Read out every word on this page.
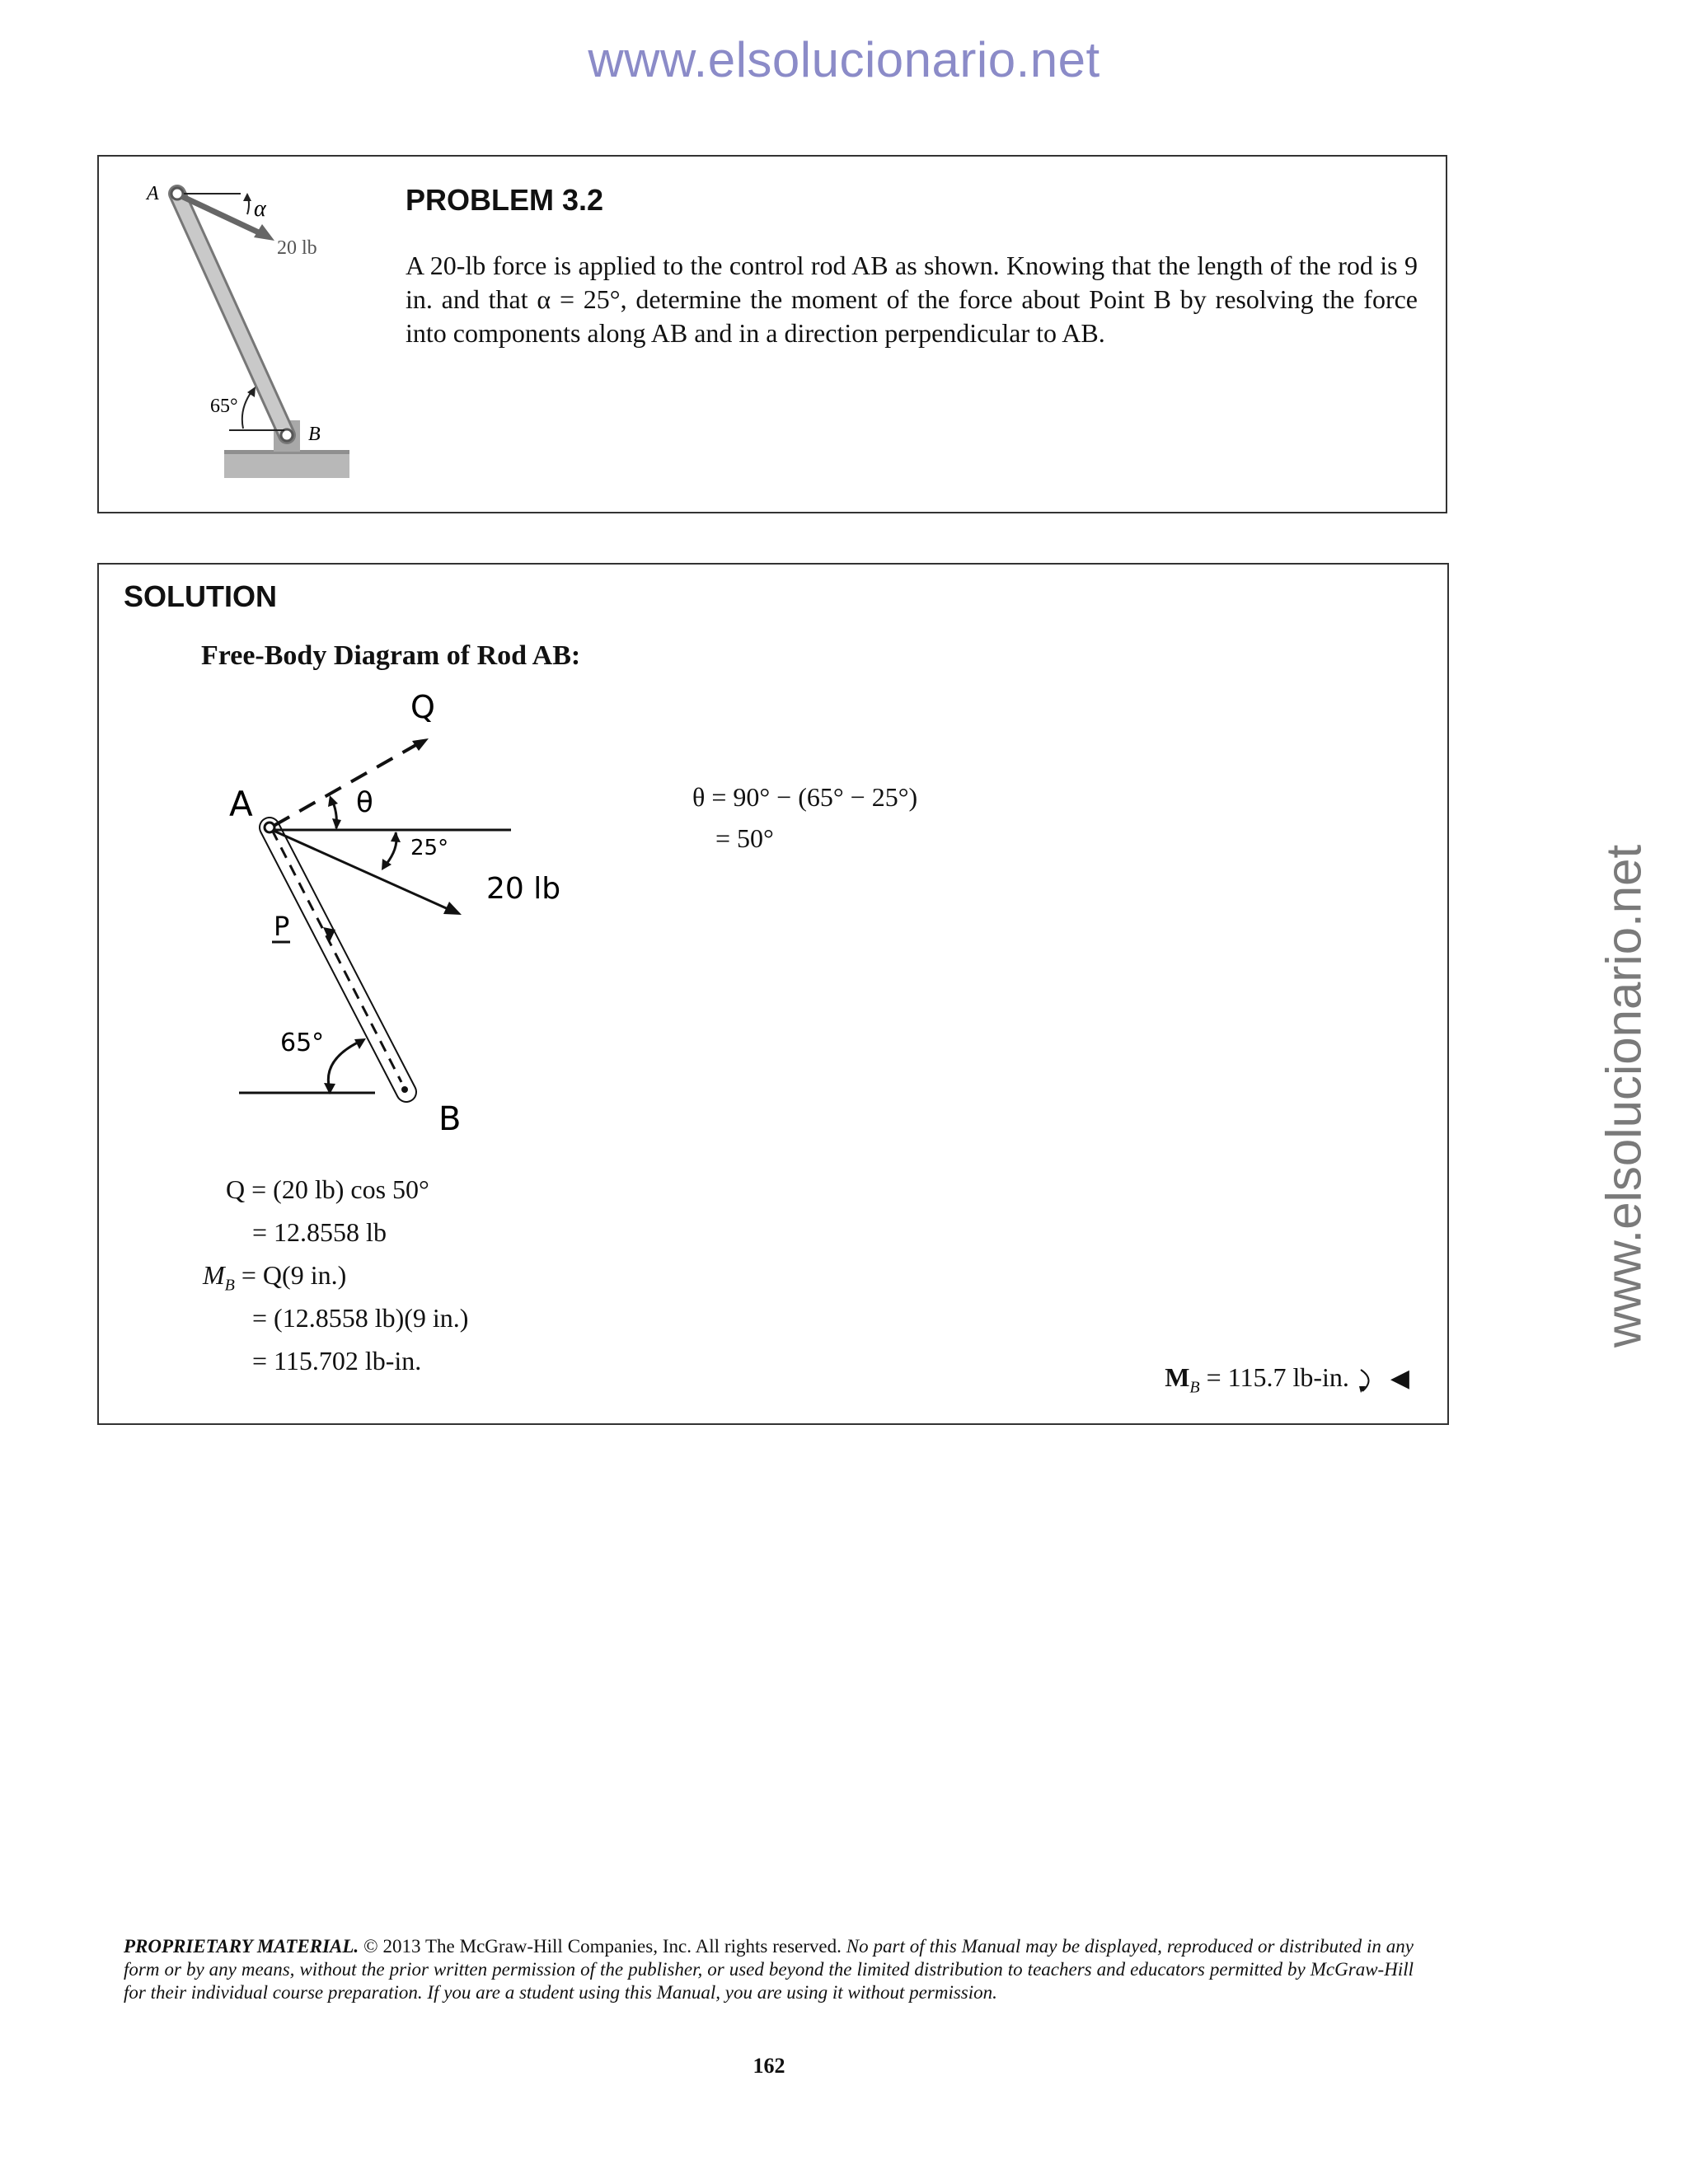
www.elsolucionario.net
www.elsolucionario.net
A
α
20 lb
65°
B
PROBLEM 3.2
A 20-lb force is applied to the control rod AB as shown. Knowing that the length of the rod is 9 in. and that α = 25°, determine the moment of the force about Point B by resolving the force into components along AB and in a direction perpendicular to AB.
SOLUTION
Free-Body Diagram of Rod AB:
A
Q
θ
25°
20 lb
P
65°
B
θ = 90° − (65° − 25°)
= 50°
Q = (20 lb) cos 50°
= 12.8558 lb
$M_B = Q(9$ in.)
= (12.8558 lb)(9 in.)
= 115.702 lb-in.
$M_B = 115.7$ lb-in. ◀
PROPRIETARY MATERIAL. © 2013 The McGraw-Hill Companies, Inc. All rights reserved. No part of this Manual may be displayed, reproduced or distributed in any form or by any means, without the prior written permission of the publisher, or used beyond the limited distribution to teachers and educators permitted by McGraw-Hill for their individual course preparation. If you are a student using this Manual, you are using it without permission.
162
